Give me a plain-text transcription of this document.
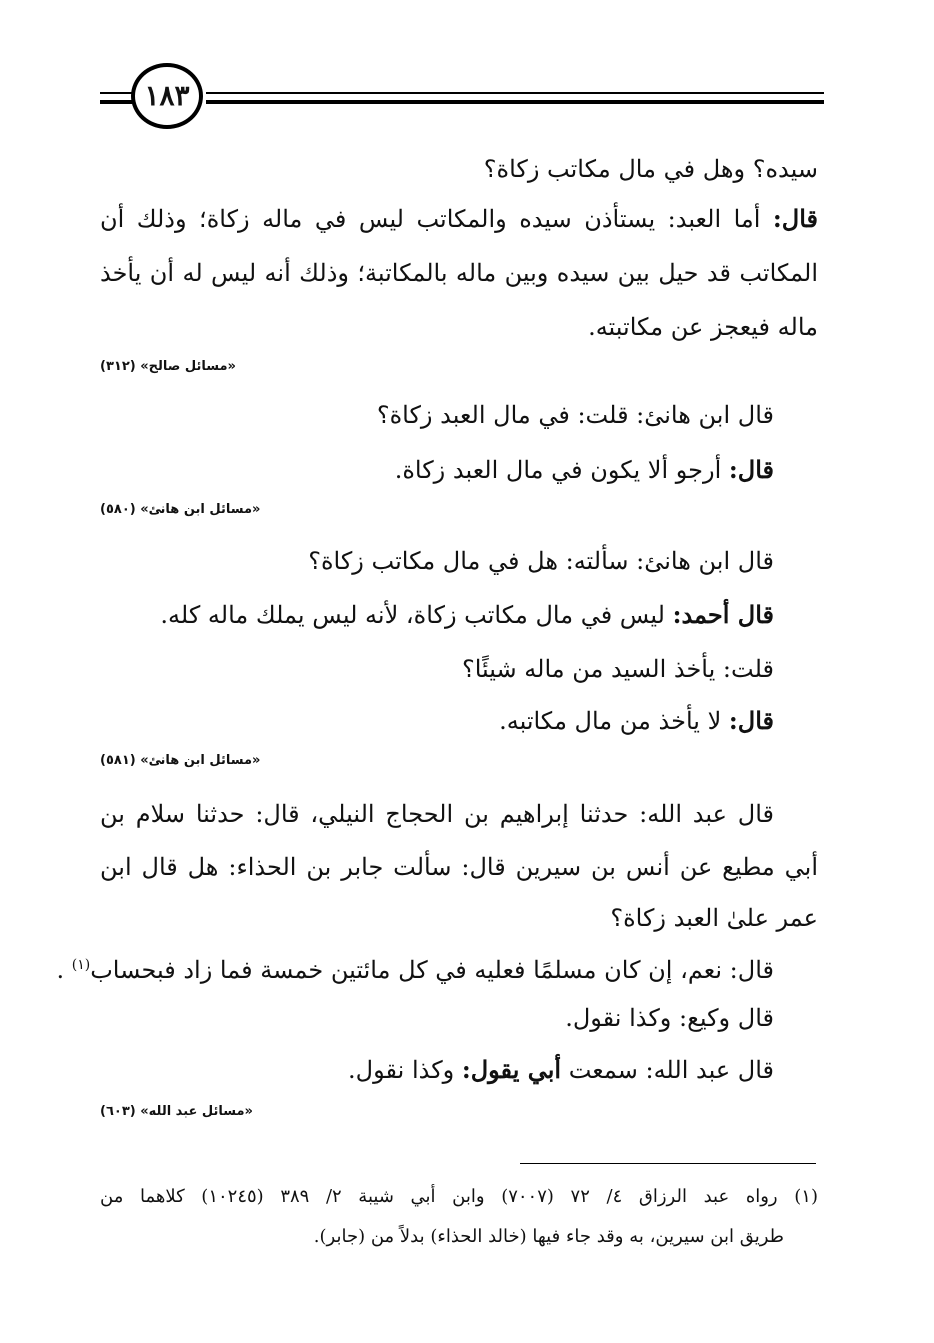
١٨٣
سيده؟ وهل في مال مكاتب زكاة؟
قال: أما العبد: يستأذن سيده والمكاتب ليس في ماله زكاة؛ وذلك أن
المكاتب قد حيل بين سيده وبين ماله بالمكاتبة؛ وذلك أنه ليس له أن يأخذ
ماله فيعجز عن مكاتبته.
«مسائل صالح» (٣١٢)
قال ابن هانئ: قلت: في مال العبد زكاة؟
قال: أرجو ألا يكون في مال العبد زكاة.
«مسائل ابن هانئ» (٥٨٠)
قال ابن هانئ: سألته: هل في مال مكاتب زكاة؟
قال أحمد: ليس في مال مكاتب زكاة، لأنه ليس يملك ماله كله.
قلت: يأخذ السيد من ماله شيئًا؟
قال: لا يأخذ من مال مكاتبه.
«مسائل ابن هانئ» (٥٨١)
قال عبد الله: حدثنا إبراهيم بن الحجاج النيلي، قال: حدثنا سلام بن
أبي مطيع عن أنس بن سيرين قال: سألت جابر بن الحذاء: هل قال ابن
عمر علىٰ العبد زكاة؟
قال: نعم، إن كان مسلمًا فعليه في كل مائتين خمسة فما زاد فبحساب$^{(١)}$ .
قال وكيع: وكذا نقول.
قال عبد الله: سمعت أبي يقول: وكذا نقول.
«مسائل عبد الله» (٦٠٣)
(١) رواه عبد الرزاق ٤/ ٧٢ (٧٠٠٧) وابن أبي شيبة ٢/ ٣٨٩ (١٠٢٤٥) كلاهما من
طريق ابن سيرين، به وقد جاء فيها (خالد الحذاء) بدلاً من (جابر).
